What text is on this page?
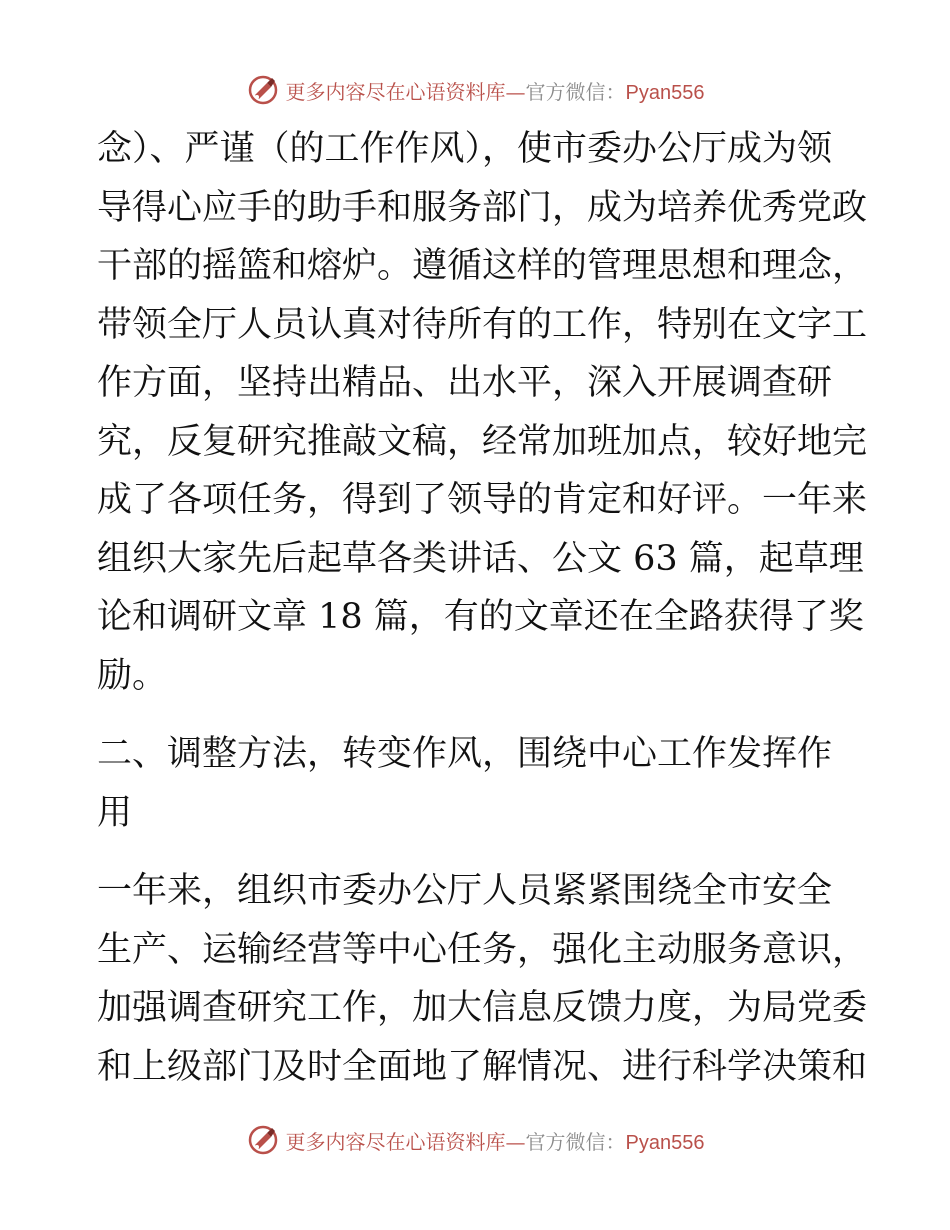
更多内容尽在心语资料库—官方微信：Pyan556
念）、严谨（的工作作风），使市委办公厅成为领
导得心应手的助手和服务部门，成为培养优秀党政
干部的摇篮和熔炉。遵循这样的管理思想和理念，
带领全厅人员认真对待所有的工作，特别在文字工
作方面，坚持出精品、出水平，深入开展调查研
究，反复研究推敲文稿，经常加班加点，较好地完
成了各项任务，得到了领导的肯定和好评。一年来
组织大家先后起草各类讲话、公文 63 篇，起草理
论和调研文章 18 篇，有的文章还在全路获得了奖
励。
二、调整方法，转变作风，围绕中心工作发挥作
用
一年来，组织市委办公厅人员紧紧围绕全市安全
生产、运输经营等中心任务，强化主动服务意识，
加强调查研究工作，加大信息反馈力度，为局党委
和上级部门及时全面地了解情况、进行科学决策和
更多内容尽在心语资料库—官方微信：Pyan556
